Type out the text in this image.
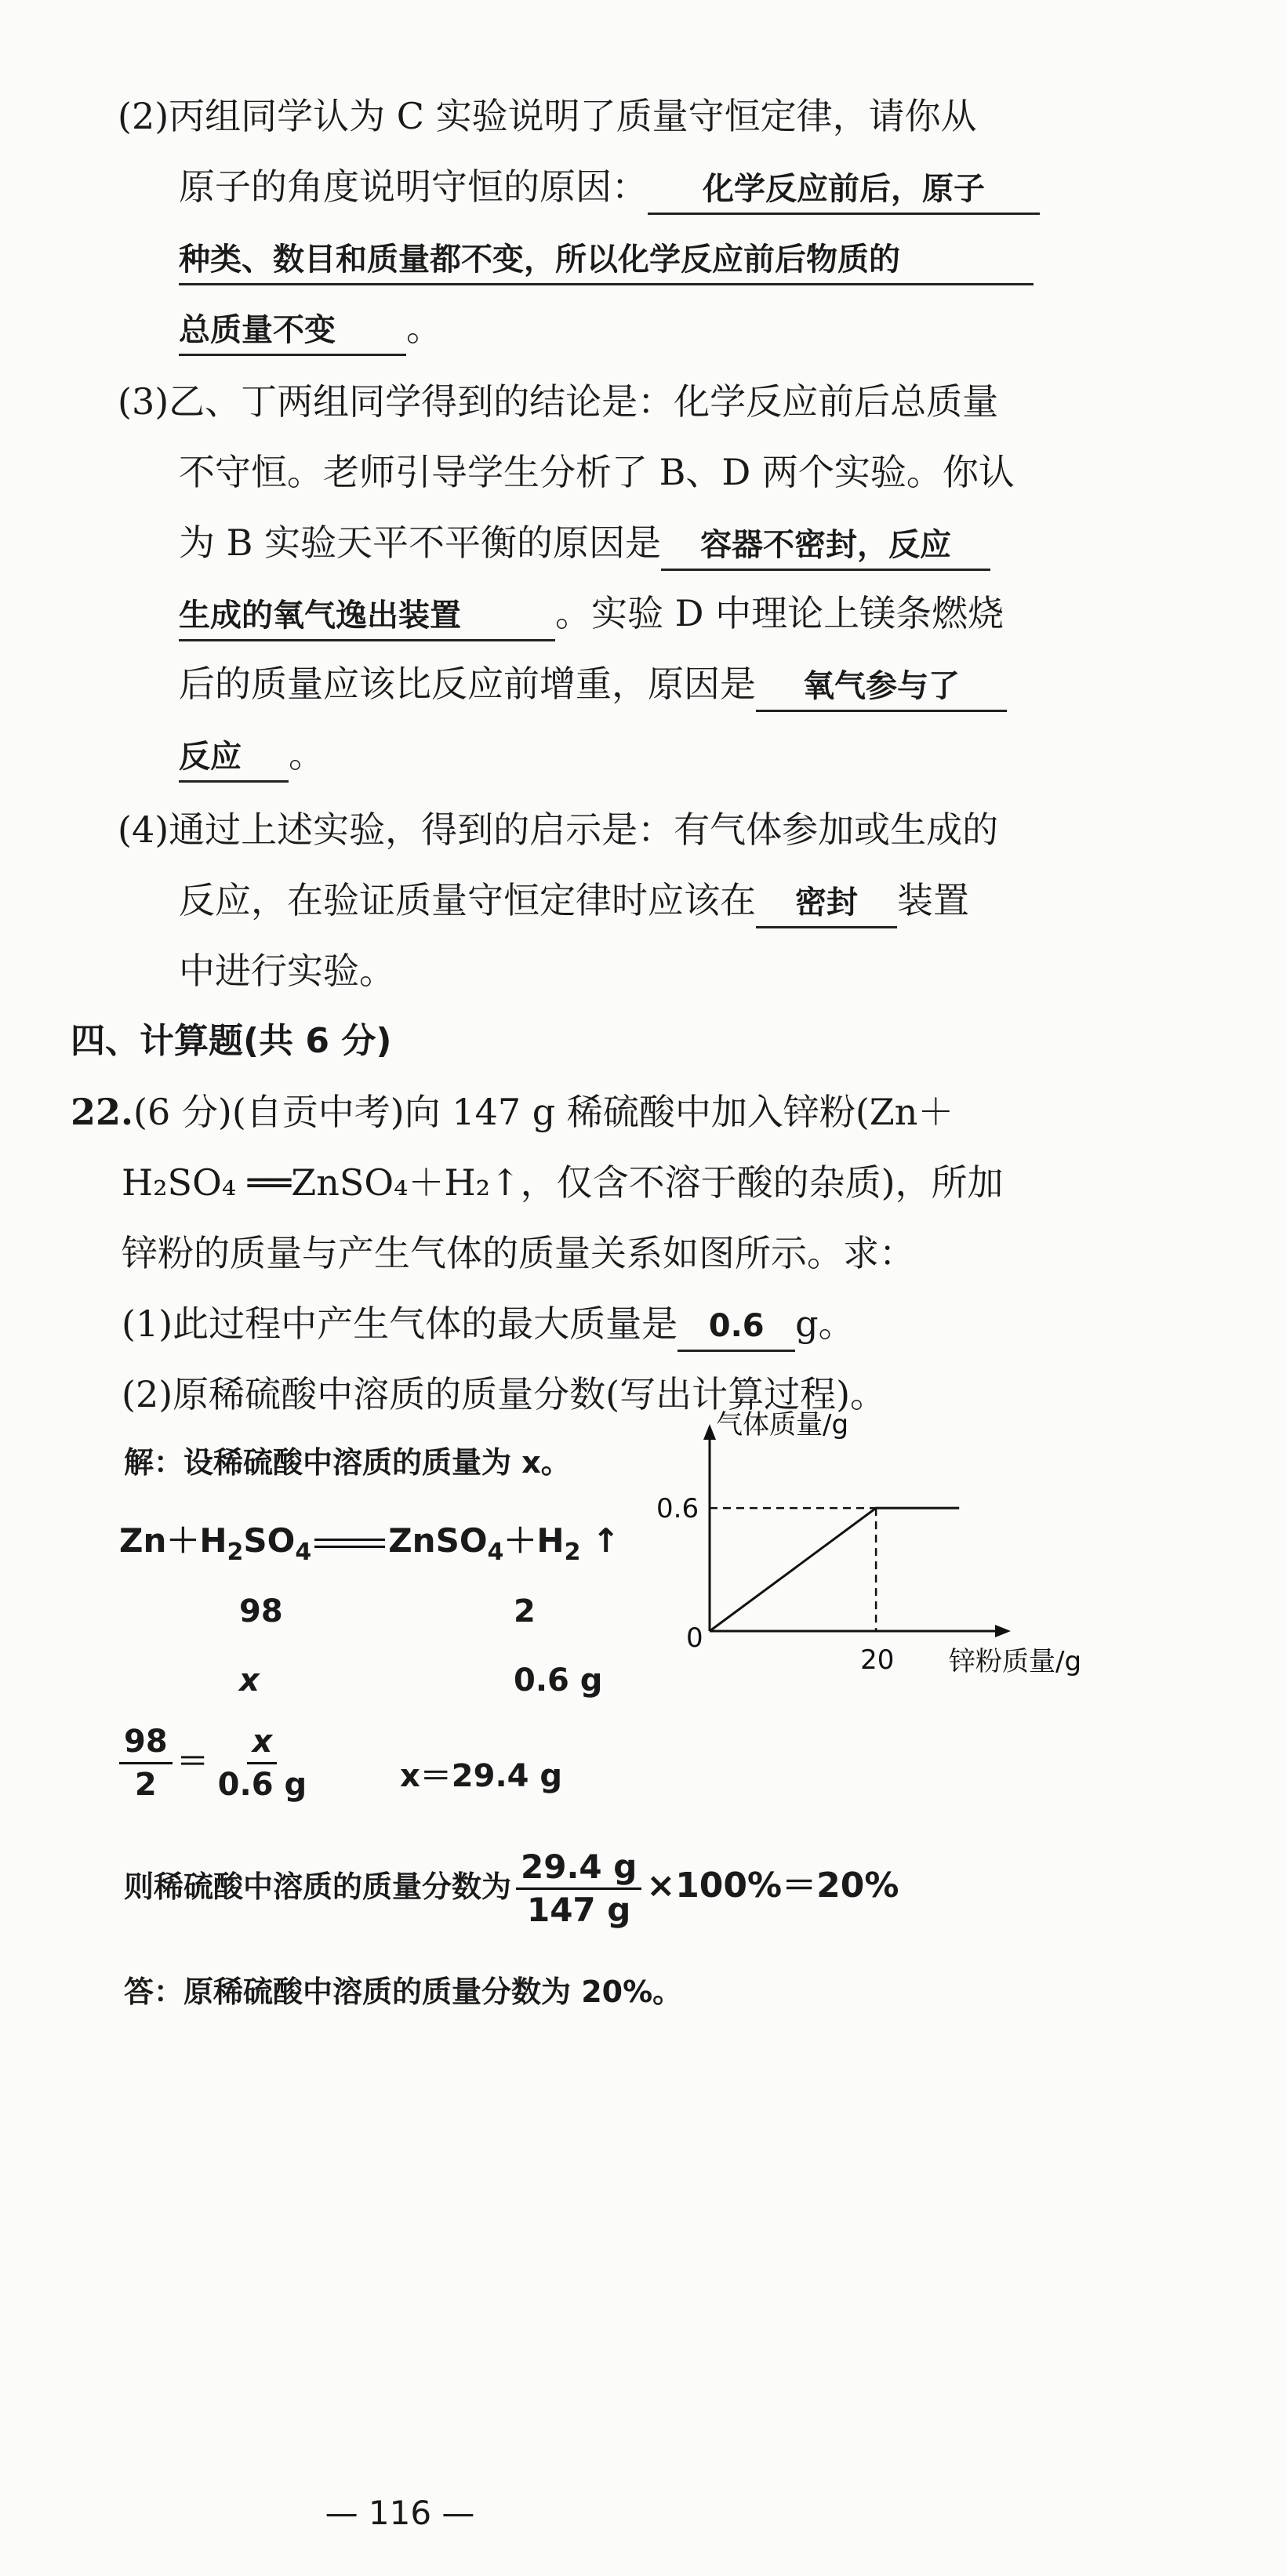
(2)丙组同学认为 C 实验说明了质量守恒定律，请你从
原子的角度说明守恒的原因： 化学反应前后，原子
种类、数目和质量都不变，所以化学反应前后物质的
总质量不变 。
(3)乙、丁两组同学得到的结论是：化学反应前后总质量
不守恒。老师引导学生分析了 B、D 两个实验。你认
为 B 实验天平不平衡的原因是 容器不密封，反应
生成的氧气逸出装置	。实验 D 中理论上镁条燃烧
后的质量应该比反应前增重，原因是 氧气参与了
反应 。
(4)通过上述实验，得到的启示是：有气体参加或生成的
反应，在验证质量守恒定律时应该在 密封 装置
中进行实验。
四、计算题(共 6 分)
22.(6 分)(自贡中考)向 147 g 稀硫酸中加入锌粉(Zn＋
H₂SO₄ ══ZnSO₄＋H₂↑，仅含不溶于酸的杂质)，所加
锌粉的质量与产生气体的质量关系如图所示。求：
(1)此过程中产生气体的最大质量是 0.6 g。
(2)原稀硫酸中溶质的质量分数(写出计算过程)。
解：设稀硫酸中溶质的质量为 x。
$Zn+H_2SO_4$ $ZnSO_4+H_2$ ↑
98	2
x	0.6 g
$\frac{98}{2} = \frac{x}{0.6 g}$	x＝29.4 g
则稀硫酸中溶质的质量分数为 $\frac{29.4 g}{147 g} \times 100\%=20\%$
答：原稀硫酸中溶质的质量分数为 20%。
气体质量/g
锌粉质量/g
0
0.6
20
— 116 —
